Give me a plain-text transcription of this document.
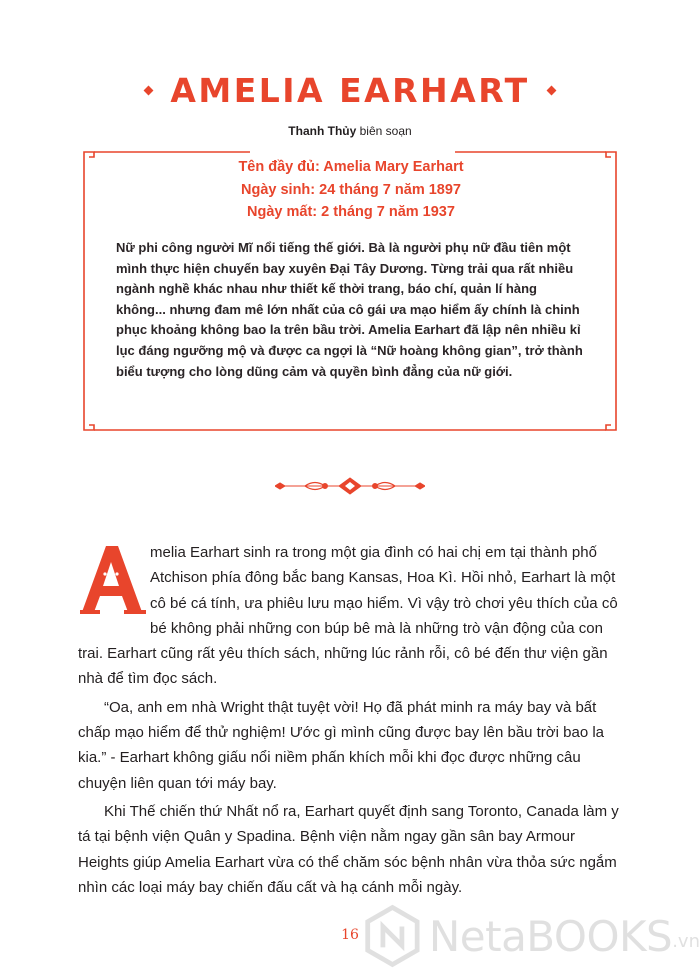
AMELIA EARHART
Thanh Thủy biên soạn
Tên đầy đủ: Amelia Mary Earhart
Ngày sinh: 24 tháng 7 năm 1897
Ngày mất: 2 tháng 7 năm 1937
Nữ phi công người Mĩ nổi tiếng thế giới. Bà là người phụ nữ đầu tiên một mình thực hiện chuyến bay xuyên Đại Tây Dương. Từng trải qua rất nhiều ngành nghề khác nhau như thiết kế thời trang, báo chí, quản lí hàng không... nhưng đam mê lớn nhất của cô gái ưa mạo hiểm ấy chính là chinh phục khoảng không bao la trên bầu trời. Amelia Earhart đã lập nên nhiều kỉ lục đáng ngưỡng mộ và được ca ngợi là “Nữ hoàng không gian”, trở thành biểu tượng cho lòng dũng cảm và quyền bình đẳng của nữ giới.

melia Earhart sinh ra trong một gia đình có hai chị em tại thành phố Atchison phía đông bắc bang Kansas, Hoa Kì. Hồi nhỏ, Earhart là một cô bé cá tính, ưa phiêu lưu mạo hiểm. Vì vậy trò chơi yêu thích của cô bé không phải những con búp bê mà là những trò vận động của con trai. Earhart cũng rất yêu thích sách, những lúc rảnh rỗi, cô bé đến thư viện gần nhà để tìm đọc sách.

“Oa, anh em nhà Wright thật tuyệt vời! Họ đã phát minh ra máy bay và bất chấp mạo hiểm để thử nghiệm! Ước gì mình cũng được bay lên bầu trời bao la kia.” - Earhart không giấu nổi niềm phấn khích mỗi khi đọc được những câu chuyện liên quan tới máy bay.

Khi Thế chiến thứ Nhất nổ ra, Earhart quyết định sang Toronto, Canada làm y tá tại bệnh viện Quân y Spadina. Bệnh viện nằm ngay gần sân bay Armour Heights giúp Amelia Earhart vừa có thể chăm sóc bệnh nhân vừa thỏa sức ngắm nhìn các loại máy bay chiến đấu cất và hạ cánh mỗi ngày.

16 NetaBOOKS .vn
